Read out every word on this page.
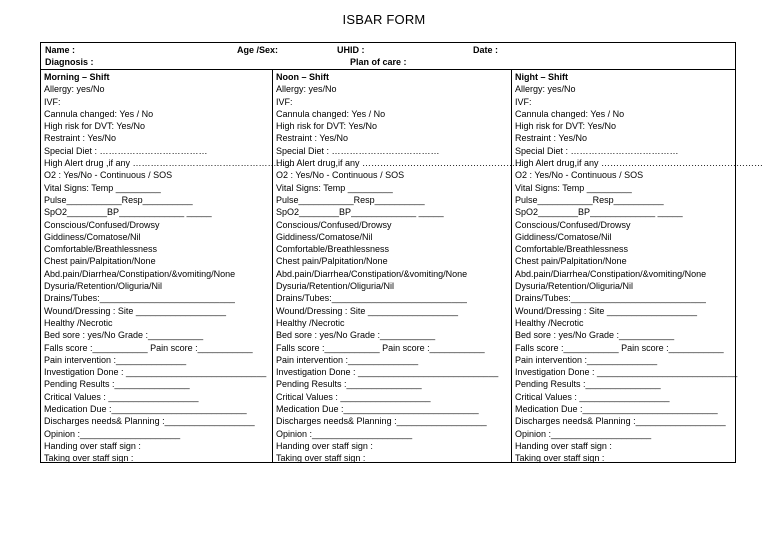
ISBAR FORM
Name :	Age /Sex:	UHID :	Date :
Diagnosis :	Plan of care :
Morning – Shift
Allergy: yes/No
IVF:
Cannula changed: Yes / No
High risk for DVT: Yes/No
Restraint : Yes/No
Special Diet : ………………………………
High Alert drug ,if any ………………………………………………
O2 : Yes/No - Continuous / SOS
Vital Signs: Temp _________
Pulse___________Resp__________
SpO2________BP_____________ _____
Conscious/Confused/Drowsy
Giddiness/Comatose/Nil
Comfortable/Breathlessness
Chest pain/Palpitation/None
Abd.pain/Diarrhea/Constipation/&vomiting/None
Dysuria/Retention/Oliguria/Nil
Drains/Tubes:___________________________
Wound/Dressing : Site __________________
Healthy /Necrotic
Bed sore : yes/No Grade :___________
Falls score :___________ Pain score :___________
Pain intervention :______________
Investigation Done : ____________________________
Pending Results :_______________
Critical Values : __________________
Medication Due :___________________________
Discharges needs& Planning :__________________
Opinion :____________________
Handing over staff sign :
Taking over staff sign :
Noon – Shift
Allergy: yes/No
IVF:
Cannula changed: Yes / No
High risk for DVT: Yes/No
Restraint : Yes/No
Special Diet : ………………………………
High Alert drug,if any ………………………………………………
O2 : Yes/No - Continuous / SOS
Vital Signs: Temp _________
Pulse___________Resp__________
SpO2________BP_____________ _____
Conscious/Confused/Drowsy
Giddiness/Comatose/Nil
Comfortable/Breathlessness
Chest pain/Palpitation/None
Abd.pain/Diarrhea/Constipation/&vomiting/None
Dysuria/Retention/Oliguria/Nil
Drains/Tubes:___________________________
Wound/Dressing : Site __________________
Healthy /Necrotic
Bed sore : yes/No Grade :___________
Falls score :___________ Pain score :___________
Pain intervention :______________
Investigation Done : ____________________________
Pending Results :_______________
Critical Values : __________________
Medication Due :___________________________
Discharges needs& Planning :__________________
Opinion :____________________
Handing over staff sign :
Taking over staff sign :
Night – Shift
Allergy: yes/No
IVF:
Cannula changed: Yes / No
High risk for DVT: Yes/No
Restraint : Yes/No
Special Diet : ………………………………
High Alert drug,if any ………………………………………………
O2 : Yes/No - Continuous / SOS
Vital Signs: Temp _________
Pulse___________Resp__________
SpO2________BP_____________ _____
Conscious/Confused/Drowsy
Giddiness/Comatose/Nil
Comfortable/Breathlessness
Chest pain/Palpitation/None
Abd.pain/Diarrhea/Constipation/&vomiting/None
Dysuria/Retention/Oliguria/Nil
Drains/Tubes:___________________________
Wound/Dressing : Site __________________
Healthy /Necrotic
Bed sore : yes/No Grade :___________
Falls score :___________ Pain score :___________
Pain intervention :______________
Investigation Done : ____________________________
Pending Results :_______________
Critical Values : __________________
Medication Due :___________________________
Discharges needs& Planning :__________________
Opinion :____________________
Handing over staff sign :
Taking over staff sign :
